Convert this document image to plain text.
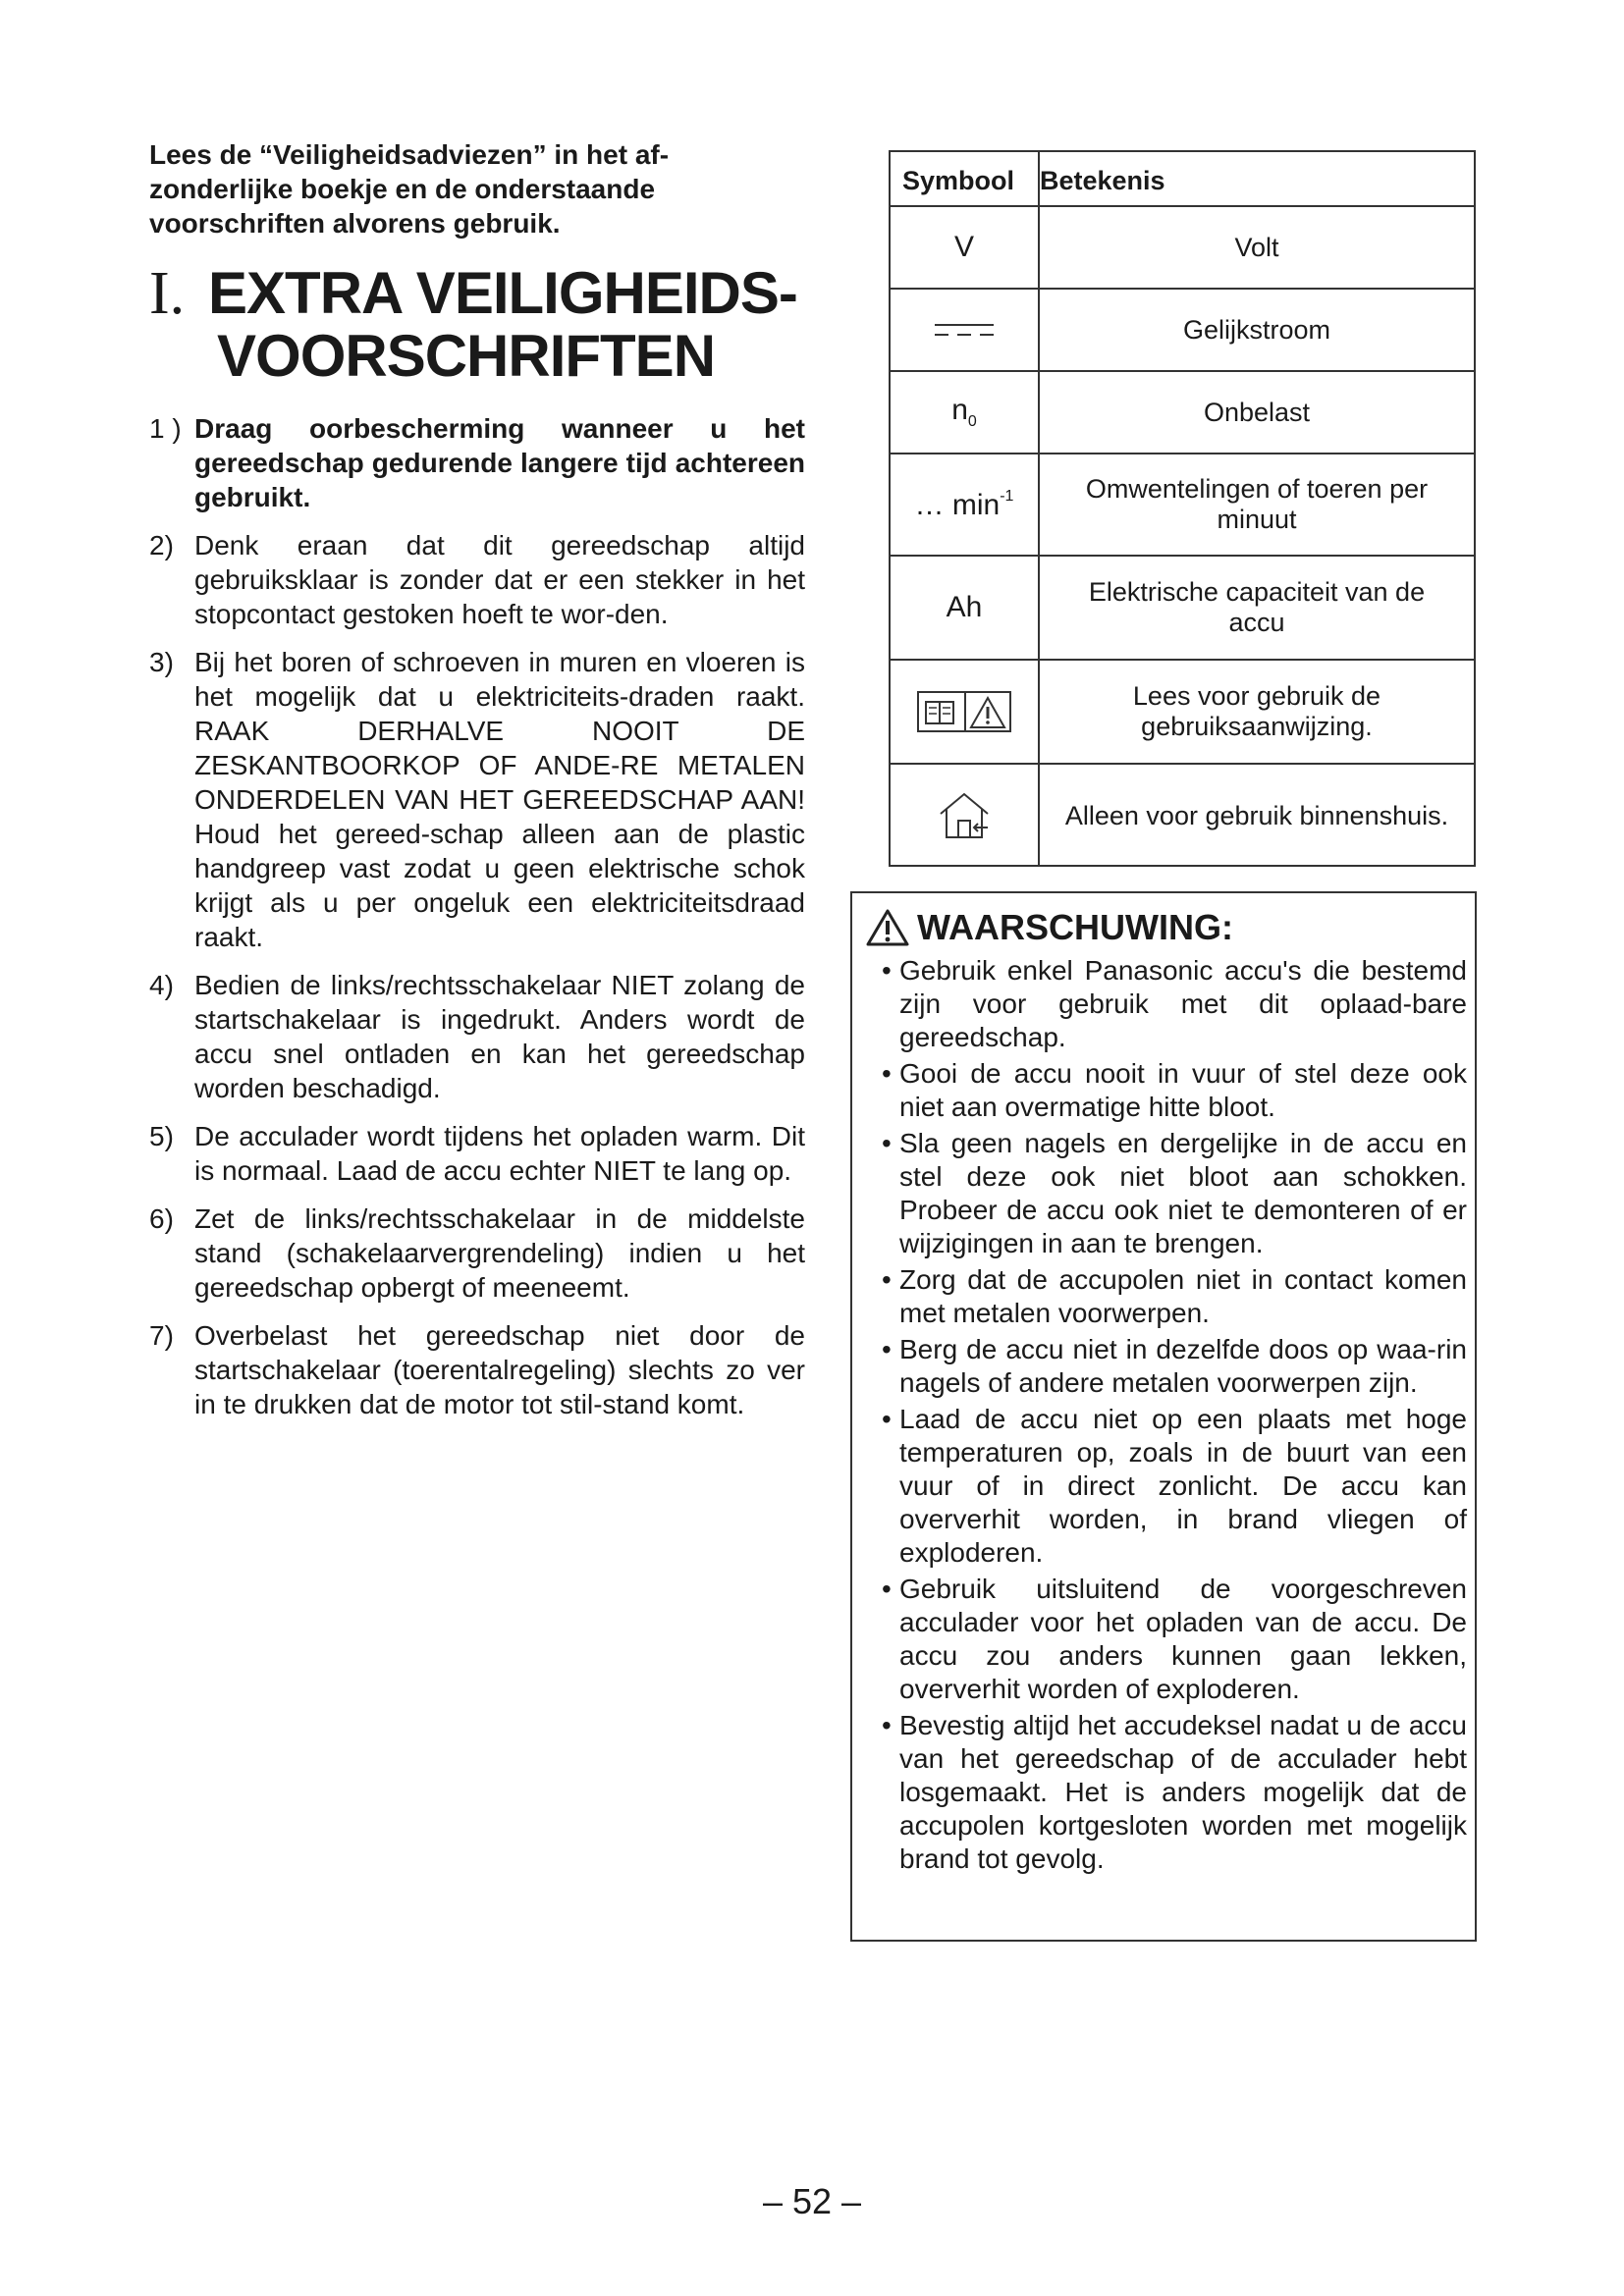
Lees de “Veiligheidsadviezen” in het af-zonderlijke boekje en de onderstaande voorschriften alvorens gebruik.

I. EXTRA VEILIGHEIDS-
VOORSCHRIFTEN
1 ) Draag oorbescherming wanneer u het gereedschap gedurende langere tijd achtereen gebruikt.
2) Denk eraan dat dit gereedschap altijd gebruiksklaar is zonder dat er een stekker in het stopcontact gestoken hoeft te wor-den.
3) Bij het boren of schroeven in muren en vloeren is het mogelijk dat u elektriciteits-draden raakt. RAAK DERHALVE NOOIT DE ZESKANTBOORKOP OF ANDE-RE METALEN ONDERDELEN VAN HET GEREEDSCHAP AAN! Houd het gereed-schap alleen aan de plastic handgreep vast zodat u geen elektrische schok krijgt als u per ongeluk een elektriciteitsdraad raakt.
4) Bedien de links/rechtsschakelaar NIET zolang de startschakelaar is ingedrukt. Anders wordt de accu snel ontladen en kan het gereedschap worden beschadigd.
5) De acculader wordt tijdens het opladen warm. Dit is normaal. Laad de accu echter NIET te lang op.
6) Zet de links/rechtsschakelaar in de middelste stand (schakelaarvergrendeling) indien u het gereedschap opbergt of meeneemt.
7) Overbelast het gereedschap niet door de startschakelaar (toerentalregeling) slechts zo ver in te drukken dat de motor tot stil-stand komt.
Symbool Betekenis
V	Volt
Gelijkstroom
$n_0$	Onbelast
… $\min^{-1}$	Omwentelingen of toeren per minuut
Ah	Elektrische capaciteit van de accu
Lees voor gebruik de gebruiksaanwijzing.
Alleen voor gebruik binnenshuis.
WAARSCHUWING:
• Gebruik enkel Panasonic accu's die bestemd zijn voor gebruik met dit oplaad-bare gereedschap.
• Gooi de accu nooit in vuur of stel deze ook niet aan overmatige hitte bloot.
• Sla geen nagels en dergelijke in de accu en stel deze ook niet bloot aan schokken. Probeer de accu ook niet te demonteren of er wijzigingen in aan te brengen.
• Zorg dat de accupolen niet in contact komen met metalen voorwerpen.
• Berg de accu niet in dezelfde doos op waa-rin nagels of andere metalen voorwerpen zijn.
• Laad de accu niet op een plaats met hoge temperaturen op, zoals in de buurt van een vuur of in direct zonlicht. De accu kan oververhit worden, in brand vliegen of exploderen.
• Gebruik uitsluitend de voorgeschreven acculader voor het opladen van de accu. De accu zou anders kunnen gaan lekken, oververhit worden of exploderen.
• Bevestig altijd het accudeksel nadat u de accu van het gereedschap of de acculader hebt losgemaakt. Het is anders mogelijk dat de accupolen kortgesloten worden met mogelijk brand tot gevolg.
– 52 –
